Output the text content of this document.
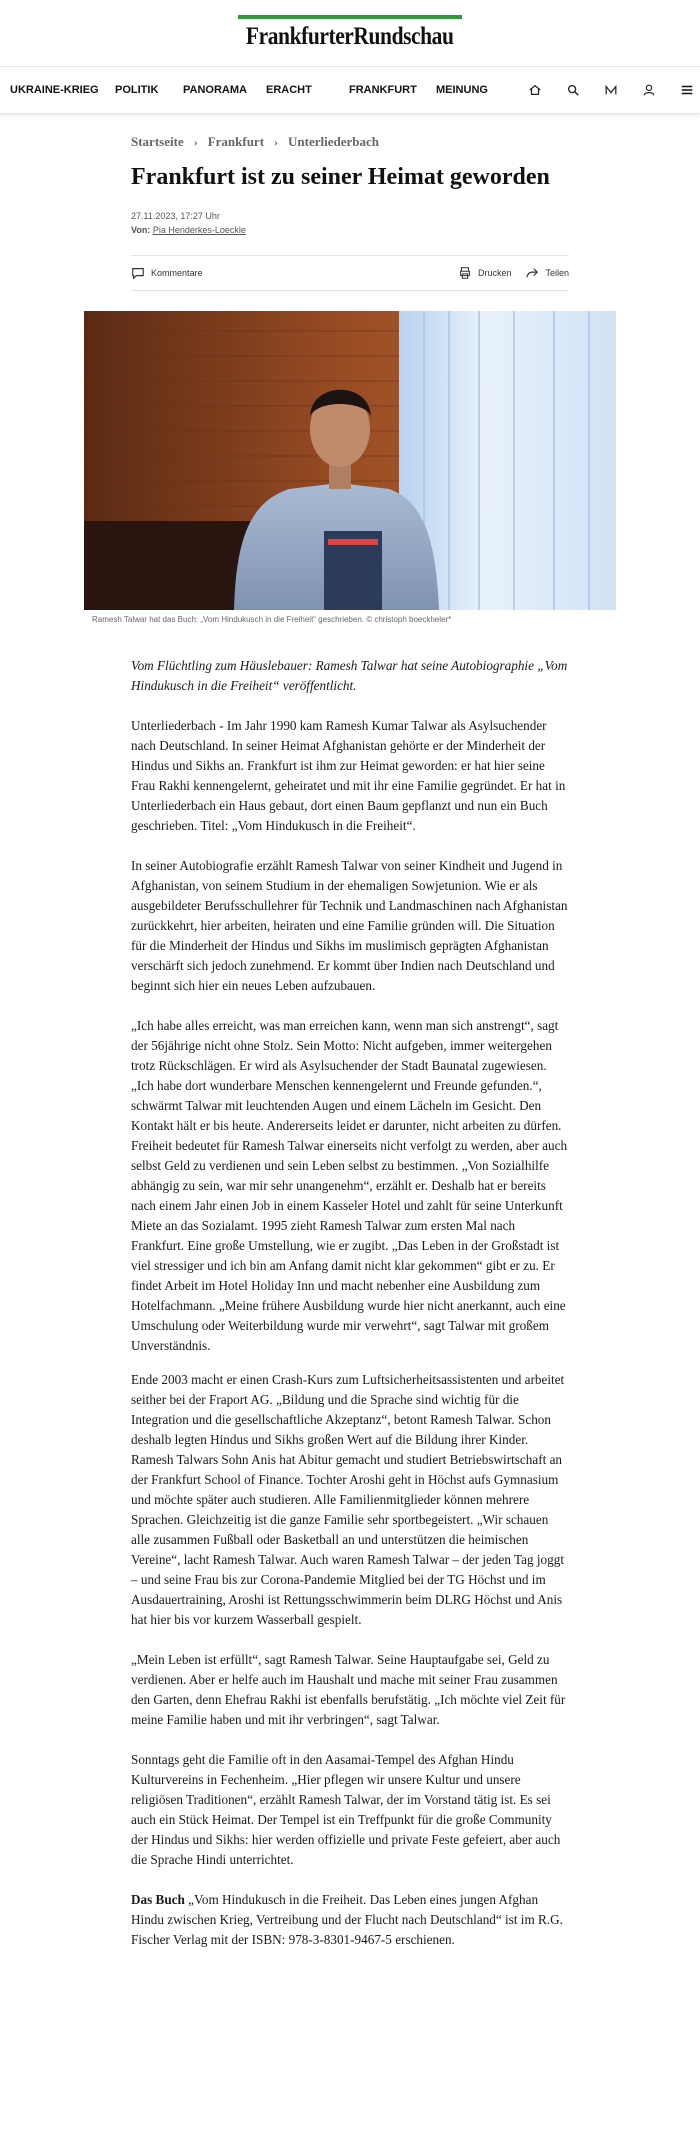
FrankfurterRundschau
UKRAINE-KRIEG	POLITIK	PANORAMA	ERACHT	FRANKFURT	MEINUNG
Startseite › Frankfurt › Unterliederbach
Frankfurt ist zu seiner Heimat geworden
27.11.2023, 17:27 Uhr
Von: Pia Henderkes-Loeckle
Kommentare	Drucken	Teilen
Ramesh Talwar hat das Buch: „Vom Hindukusch in die Freiheit“ geschrieben. © christoph boeckheler*

Vom Flüchtling zum Häuslebauer: Ramesh Talwar hat seine Autobiographie „Vom Hindukusch in die Freiheit“ veröffentlicht.

Unterliederbach - Im Jahr 1990 kam Ramesh Kumar Talwar als Asylsuchender nach Deutschland. In seiner Heimat Afghanistan gehörte er der Minderheit der Hindus und Sikhs an. Frankfurt ist ihm zur Heimat geworden: er hat hier seine Frau Rakhi kennengelernt, geheiratet und mit ihr eine Familie gegründet. Er hat in Unterliederbach ein Haus gebaut, dort einen Baum gepflanzt und nun ein Buch geschrieben. Titel: „Vom Hindukusch in die Freiheit“.

In seiner Autobiografie erzählt Ramesh Talwar von seiner Kindheit und Jugend in Afghanistan, von seinem Studium in der ehemaligen Sowjetunion. Wie er als ausgebildeter Berufsschullehrer für Technik und Landmaschinen nach Afghanistan zurückkehrt, hier arbeiten, heiraten und eine Familie gründen will. Die Situation für die Minderheit der Hindus und Sikhs im muslimisch geprägten Afghanistan verschärft sich jedoch zunehmend. Er kommt über Indien nach Deutschland und beginnt sich hier ein neues Leben aufzubauen.

„Ich habe alles erreicht, was man erreichen kann, wenn man sich anstrengt“, sagt der 56jährige nicht ohne Stolz. Sein Motto: Nicht aufgeben, immer weitergehen trotz Rückschlägen. Er wird als Asylsuchender der Stadt Baunatal zugewiesen. „Ich habe dort wunderbare Menschen kennengelernt und Freunde gefunden.“, schwärmt Talwar mit leuchtenden Augen und einem Lächeln im Gesicht. Den Kontakt hält er bis heute. Andererseits leidet er darunter, nicht arbeiten zu dürfen. Freiheit bedeutet für Ramesh Talwar einerseits nicht verfolgt zu werden, aber auch selbst Geld zu verdienen und sein Leben selbst zu bestimmen. „Von Sozialhilfe abhängig zu sein, war mir sehr unangenehm“, erzählt er. Deshalb hat er bereits nach einem Jahr einen Job in einem Kasseler Hotel und zahlt für seine Unterkunft Miete an das Sozialamt. 1995 zieht Ramesh Talwar zum ersten Mal nach Frankfurt. Eine große Umstellung, wie er zugibt. „Das Leben in der Großstadt ist viel stressiger und ich bin am Anfang damit nicht klar gekommen“ gibt er zu. Er findet Arbeit im Hotel Holiday Inn und macht nebenher eine Ausbildung zum Hotelfachmann. „Meine frühere Ausbildung wurde hier nicht anerkannt, auch eine Umschulung oder Weiterbildung wurde mir verwehrt“, sagt Talwar mit großem Unverständnis.

Ende 2003 macht er einen Crash-Kurs zum Luftsicherheitsassistenten und arbeitet seither bei der Fraport AG. „Bildung und die Sprache sind wichtig für die Integration und die gesellschaftliche Akzeptanz“, betont Ramesh Talwar. Schon deshalb legten Hindus und Sikhs großen Wert auf die Bildung ihrer Kinder. Ramesh Talwars Sohn Anis hat Abitur gemacht und studiert Betriebswirtschaft an der Frankfurt School of Finance. Tochter Aroshi geht in Höchst aufs Gymnasium und möchte später auch studieren. Alle Familienmitglieder können mehrere Sprachen. Gleichzeitig ist die ganze Familie sehr sportbegeistert. „Wir schauen alle zusammen Fußball oder Basketball an und unterstützen die heimischen Vereine“, lacht Ramesh Talwar. Auch waren Ramesh Talwar – der jeden Tag joggt – und seine Frau bis zur Corona-Pandemie Mitglied bei der TG Höchst und im Ausdauertraining, Aroshi ist Rettungsschwimmerin beim DLRG Höchst und Anis hat hier bis vor kurzem Wasserball gespielt.

„Mein Leben ist erfüllt“, sagt Ramesh Talwar. Seine Hauptaufgabe sei, Geld zu verdienen. Aber er helfe auch im Haushalt und mache mit seiner Frau zusammen den Garten, denn Ehefrau Rakhi ist ebenfalls berufstätig. „Ich möchte viel Zeit für meine Familie haben und mit ihr verbringen“, sagt Talwar.

Sonntags geht die Familie oft in den Aasamai-Tempel des Afghan Hindu Kulturvereins in Fechenheim. „Hier pflegen wir unsere Kultur und unsere religiösen Traditionen“, erzählt Ramesh Talwar, der im Vorstand tätig ist. Es sei auch ein Stück Heimat. Der Tempel ist ein Treffpunkt für die große Community der Hindus und Sikhs: hier werden offizielle und private Feste gefeiert, aber auch die Sprache Hindi unterrichtet.

Das Buch „Vom Hindukusch in die Freiheit. Das Leben eines jungen Afghan Hindu zwischen Krieg, Vertreibung und der Flucht nach Deutschland“ ist im R.G. Fischer Verlag mit der ISBN: 978-3-8301-9467-5 erschienen.
